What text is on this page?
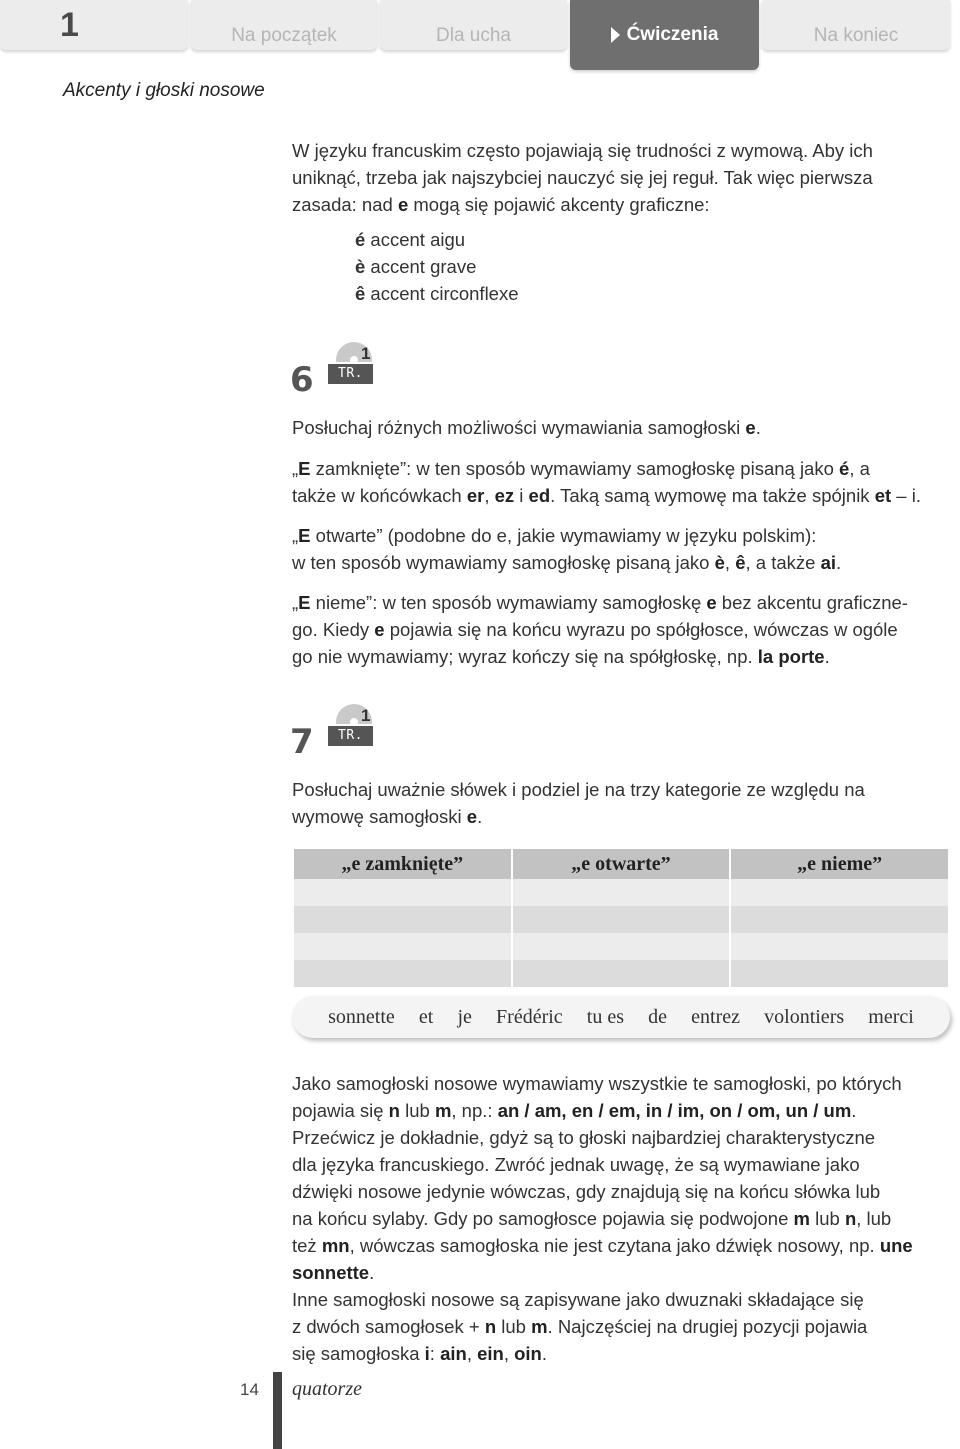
1	Na początek	Dla ucha	Ćwiczenia	Na koniec
Akcenty i głoski nosowe
W języku francuskim często pojawiają się trudności z wymową. Aby ich
uniknąć, trzeba jak najszybciej nauczyć się jej reguł. Tak więc pierwsza
zasada: nad e mogą się pojawić akcenty graficzne:
é accent aigu
è accent grave
ê accent circonflexe
6
1
TR. 05
Posłuchaj różnych możliwości wymawiania samogłoski e.
„E zamknięte”: w ten sposób wymawiamy samogłoskę pisaną jako é, a
także w końcówkach er, ez i ed. Taką samą wymowę ma także spójnik et – i.
„E otwarte” (podobne do e, jakie wymawiamy w języku polskim):
w ten sposób wymawiamy samogłoskę pisaną jako è, ê, a także ai.
„E nieme”: w ten sposób wymawiamy samogłoskę e bez akcentu graficzne-
go. Kiedy e pojawia się na końcu wyrazu po spółgłosce, wówczas w ogóle
go nie wymawiamy; wyraz kończy się na spółgłoskę, np. la porte.
7
1
TR. 05
Posłuchaj uważnie słówek i podziel je na trzy kategorie ze względu na
wymowę samogłoski e.
„e zamknięte”	„e otwarte”	„e nieme”

sonnette et je Frédéric tu es de entrez volontiers merci
Jako samogłoski nosowe wymawiamy wszystkie te samogłoski, po których
pojawia się n lub m, np.: an / am, en / em, in / im, on / om, un / um.
Przećwicz je dokładnie, gdyż są to głoski najbardziej charakterystyczne
dla języka francuskiego. Zwróć jednak uwagę, że są wymawiane jako
dźwięki nosowe jedynie wówczas, gdy znajdują się na końcu słówka lub
na końcu sylaby. Gdy po samogłosce pojawia się podwojone m lub n, lub
też mn, wówczas samogłoska nie jest czytana jako dźwięk nosowy, np. une
sonnette.
Inne samogłoski nosowe są zapisywane jako dwuznaki składające się
z dwóch samogłosek + n lub m. Najczęściej na drugiej pozycji pojawia
się samogłoska i: ain, ein, oin.
14 quatorze
